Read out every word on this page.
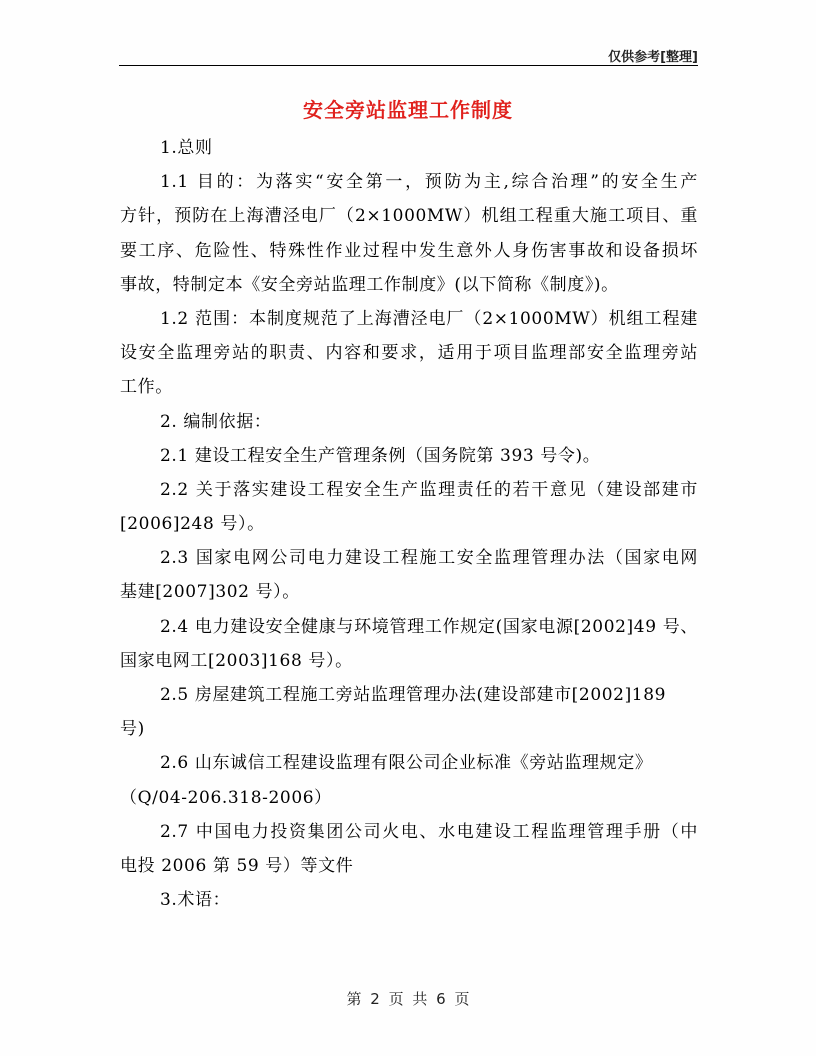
仅供参考[整理]
安全旁站监理工作制度
1.总则
1.1 目的：为落实“安全第一，预防为主,综合治理”的安全生产
方针，预防在上海漕泾电厂（2×1000MW）机组工程重大施工项目、重
要工序、危险性、特殊性作业过程中发生意外人身伤害事故和设备损坏
事故，特制定本《安全旁站监理工作制度》(以下简称《制度》)。
1.2 范围：本制度规范了上海漕泾电厂（2×1000MW）机组工程建
设安全监理旁站的职责、内容和要求，适用于项目监理部安全监理旁站
工作。
2. 编制依据：
2.1 建设工程安全生产管理条例（国务院第 393 号令)。
2.2 关于落实建设工程安全生产监理责任的若干意见（建设部建市
[2006]248 号）。
2.3 国家电网公司电力建设工程施工安全监理管理办法（国家电网
基建[2007]302 号）。
2.4 电力建设安全健康与环境管理工作规定(国家电源[2002]49 号、
国家电网工[2003]168 号）。
2.5 房屋建筑工程施工旁站监理管理办法(建设部建市[2002]189
号)
2.6 山东诚信工程建设监理有限公司企业标准《旁站监理规定》
（Q/04-206.318-2006）
2.7 中国电力投资集团公司火电、水电建设工程监理管理手册（中
电投 2006 第 59 号）等文件
3.术语：
第 2 页 共 6 页
